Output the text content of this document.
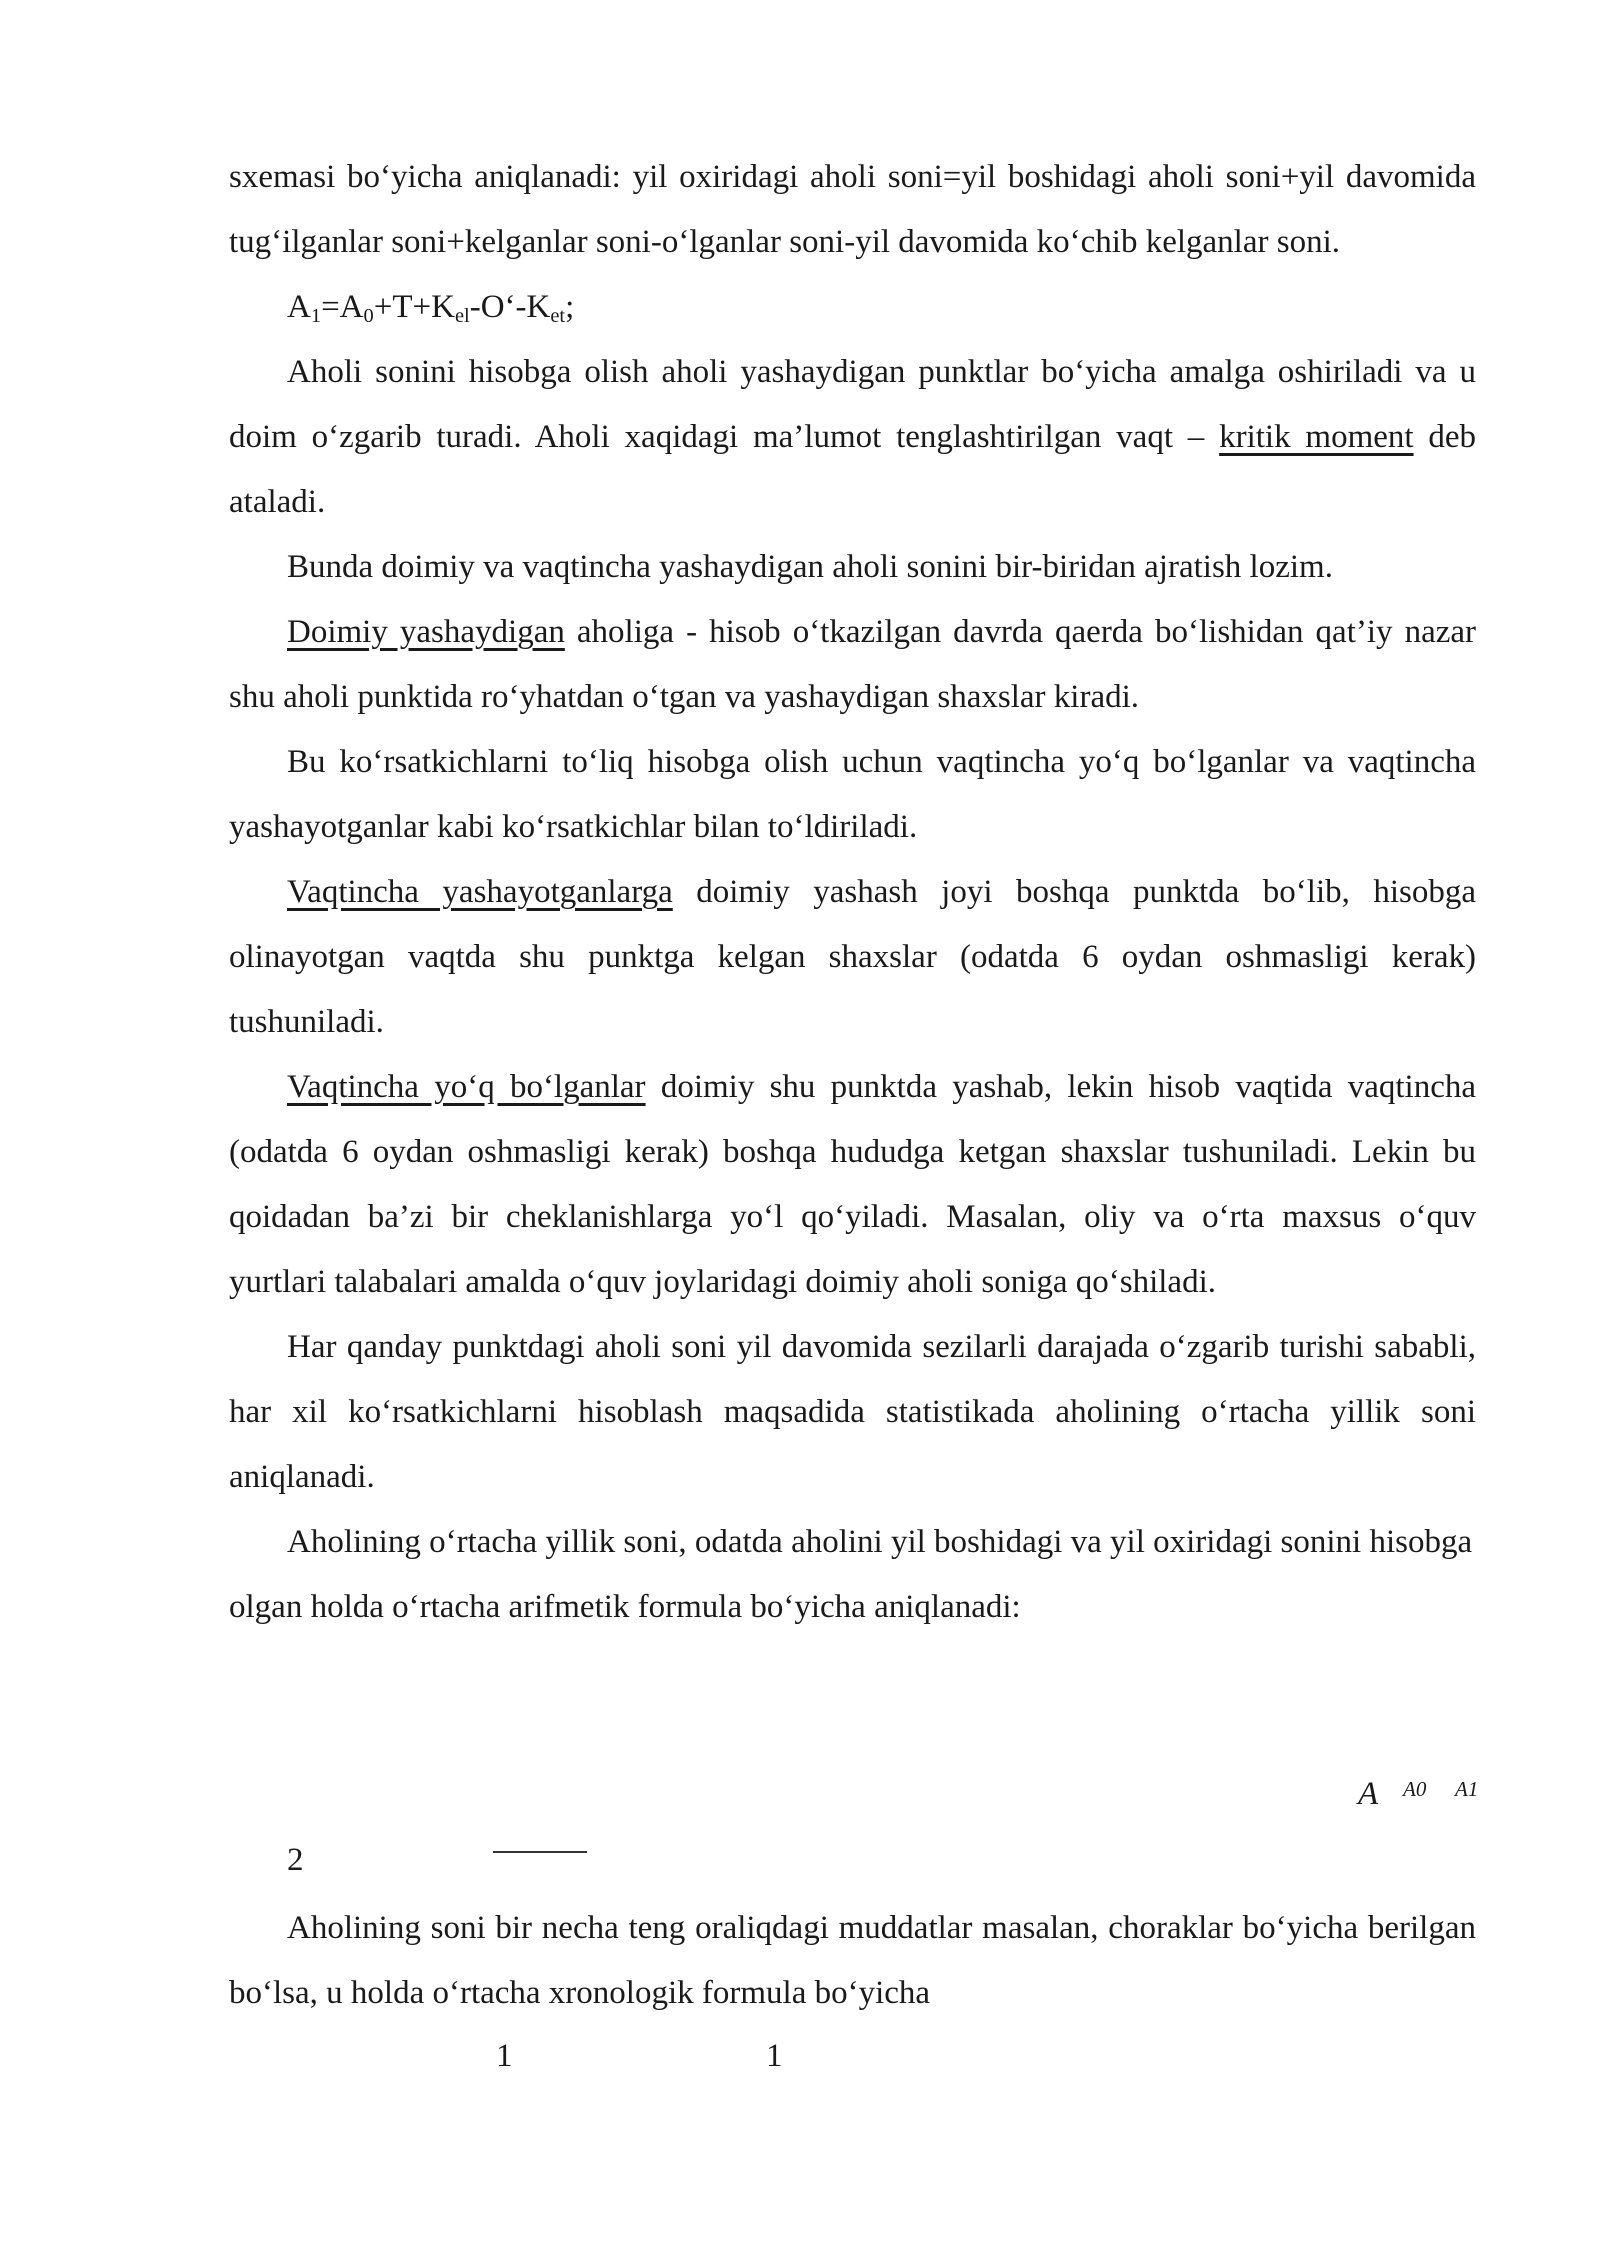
sxemasi bo‘yicha aniqlanadi: yil oxiridagi aholi soni=yil boshidagi aholi soni+yil davomida tug‘ilganlar soni+kelganlar soni-o‘lganlar soni-yil davomida ko‘chib kelganlar soni.

$A_1=A_0+T+K_{el}-O‘-K_{et}$;

Aholi sonini hisobga olish aholi yashaydigan punktlar bo‘yicha amalga oshiriladi va u doim o‘zgarib turadi. Aholi xaqidagi ma’lumot tenglashtirilgan vaqt – kritik moment deb ataladi.

Bunda doimiy va vaqtincha yashaydigan aholi sonini bir-biridan ajratish lozim.

Doimiy yashaydigan aholiga - hisob o‘tkazilgan davrda qaerda bo‘lishidan qat’iy nazar shu aholi punktida ro‘yhatdan o‘tgan va yashaydigan shaxslar kiradi.

Bu ko‘rsatkichlarni to‘liq hisobga olish uchun vaqtincha yo‘q bo‘lganlar va vaqtincha yashayotganlar kabi ko‘rsatkichlar bilan to‘ldiriladi.

Vaqtincha yashayotganlarga doimiy yashash joyi boshqa punktda bo‘lib, hisobga olinayotgan vaqtda shu punktga kelgan shaxslar (odatda 6 oydan oshmasligi kerak) tushuniladi.

Vaqtincha yo‘q bo‘lganlar doimiy shu punktda yashab, lekin hisob vaqtida vaqtincha (odatda 6 oydan oshmasligi kerak) boshqa hududga ketgan shaxslar tushuniladi. Lekin bu qoidadan ba’zi bir cheklanishlarga yo‘l qo‘yiladi. Masalan, oliy va o‘rta maxsus o‘quv yurtlari talabalari amalda o‘quv joylaridagi doimiy aholi soniga qo‘shiladi.

Har qanday punktdagi aholi soni yil davomida sezilarli darajada o‘zgarib turishi sababli, har xil ko‘rsatkichlarni hisoblash maqsadida statistikada aholining o‘rtacha yillik soni aniqlanadi.

Aholining o‘rtacha yillik soni, odatda aholini yil boshidagi va yil oxiridagi sonini hisobga olgan holda o‘rtacha arifmetik formula bo‘yicha aniqlanadi:

A A0 A1
2

Aholining soni bir necha teng oraliqdagi muddatlar masalan, choraklar bo‘yicha berilgan bo‘lsa, u holda o‘rtacha xronologik formula bo‘yicha

1	1
